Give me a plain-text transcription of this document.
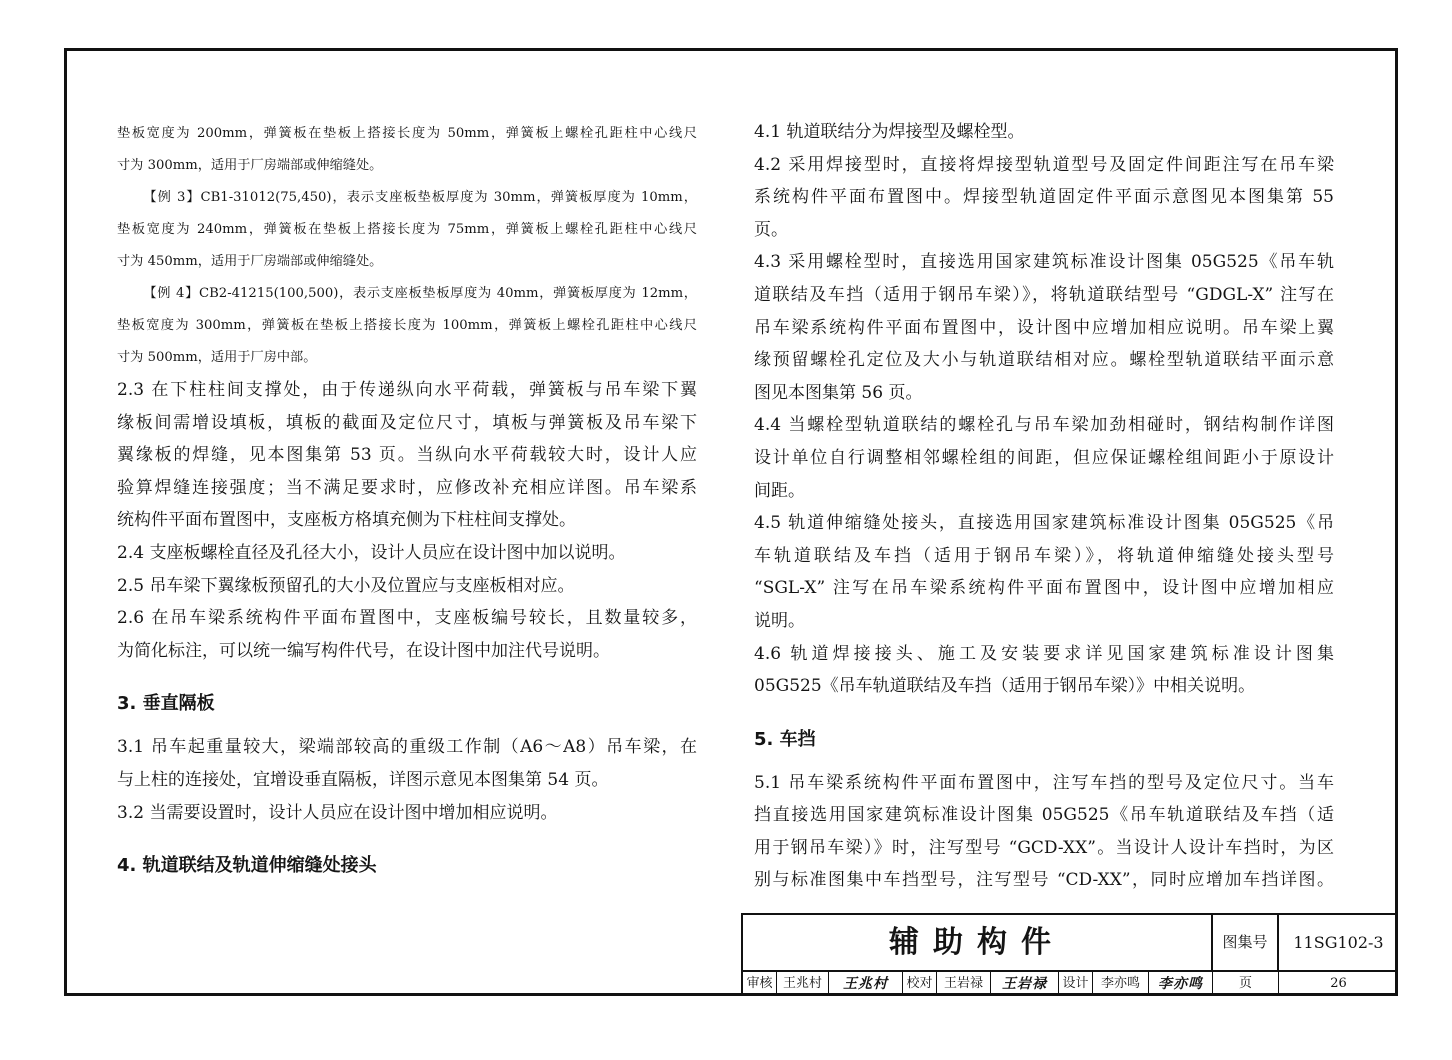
垫板宽度为 200mm，弹簧板在垫板上搭接长度为 50mm，弹簧板上螺栓孔距柱中心线尺

寸为 300mm，适用于厂房端部或伸缩缝处。

【例 3】CB1-31012(75,450)，表示支座板垫板厚度为 30mm，弹簧板厚度为 10mm，

垫板宽度为 240mm，弹簧板在垫板上搭接长度为 75mm，弹簧板上螺栓孔距柱中心线尺

寸为 450mm，适用于厂房端部或伸缩缝处。

【例 4】CB2-41215(100,500)，表示支座板垫板厚度为 40mm，弹簧板厚度为 12mm，

垫板宽度为 300mm，弹簧板在垫板上搭接长度为 100mm，弹簧板上螺栓孔距柱中心线尺

寸为 500mm，适用于厂房中部。

2.3 在下柱柱间支撑处，由于传递纵向水平荷载，弹簧板与吊车梁下翼

缘板间需增设填板，填板的截面及定位尺寸，填板与弹簧板及吊车梁下

翼缘板的焊缝，见本图集第 53 页。当纵向水平荷载较大时，设计人应

验算焊缝连接强度；当不满足要求时，应修改补充相应详图。吊车梁系

统构件平面布置图中，支座板方格填充侧为下柱柱间支撑处。

2.4 支座板螺栓直径及孔径大小，设计人员应在设计图中加以说明。

2.5 吊车梁下翼缘板预留孔的大小及位置应与支座板相对应。

2.6 在吊车梁系统构件平面布置图中，支座板编号较长，且数量较多，

为简化标注，可以统一编写构件代号，在设计图中加注代号说明。

3. 垂直隔板

3.1 吊车起重量较大，梁端部较高的重级工作制（A6～A8）吊车梁，在

与上柱的连接处，宜增设垂直隔板，详图示意见本图集第 54 页。

3.2 当需要设置时，设计人员应在设计图中增加相应说明。

4. 轨道联结及轨道伸缩缝处接头

4.1 轨道联结分为焊接型及螺栓型。

4.2 采用焊接型时，直接将焊接型轨道型号及固定件间距注写在吊车梁

系统构件平面布置图中。焊接型轨道固定件平面示意图见本图集第 55

页。

4.3 采用螺栓型时，直接选用国家建筑标准设计图集 05G525《吊车轨

道联结及车挡（适用于钢吊车梁）》，将轨道联结型号 “GDGL-X” 注写在

吊车梁系统构件平面布置图中，设计图中应增加相应说明。吊车梁上翼

缘预留螺栓孔定位及大小与轨道联结相对应。螺栓型轨道联结平面示意

图见本图集第 56 页。

4.4 当螺栓型轨道联结的螺栓孔与吊车梁加劲相碰时，钢结构制作详图

设计单位自行调整相邻螺栓组的间距，但应保证螺栓组间距小于原设计

间距。

4.5 轨道伸缩缝处接头，直接选用国家建筑标准设计图集 05G525《吊

车轨道联结及车挡（适用于钢吊车梁）》，将轨道伸缩缝处接头型号

“SGL-X” 注写在吊车梁系统构件平面布置图中，设计图中应增加相应

说明。

4.6 轨道焊接接头、施工及安装要求详见国家建筑标准设计图集

05G525《吊车轨道联结及车挡（适用于钢吊车梁）》中相关说明。

5. 车挡

5.1 吊车梁系统构件平面布置图中，注写车挡的型号及定位尺寸。当车

挡直接选用国家建筑标准设计图集 05G525《吊车轨道联结及车挡（适

用于钢吊车梁）》时，注写型号 “GCD-XX”。当设计人设计车挡时，为区

别与标准图集中车挡型号，注写型号 “CD-XX”，同时应增加车挡详图。

辅助构件	图集号	11SG102-3
审核 王兆村	王兆村	校对 王岩禄	王岩禄	设计 李亦鸣	李亦鸣	页	26
